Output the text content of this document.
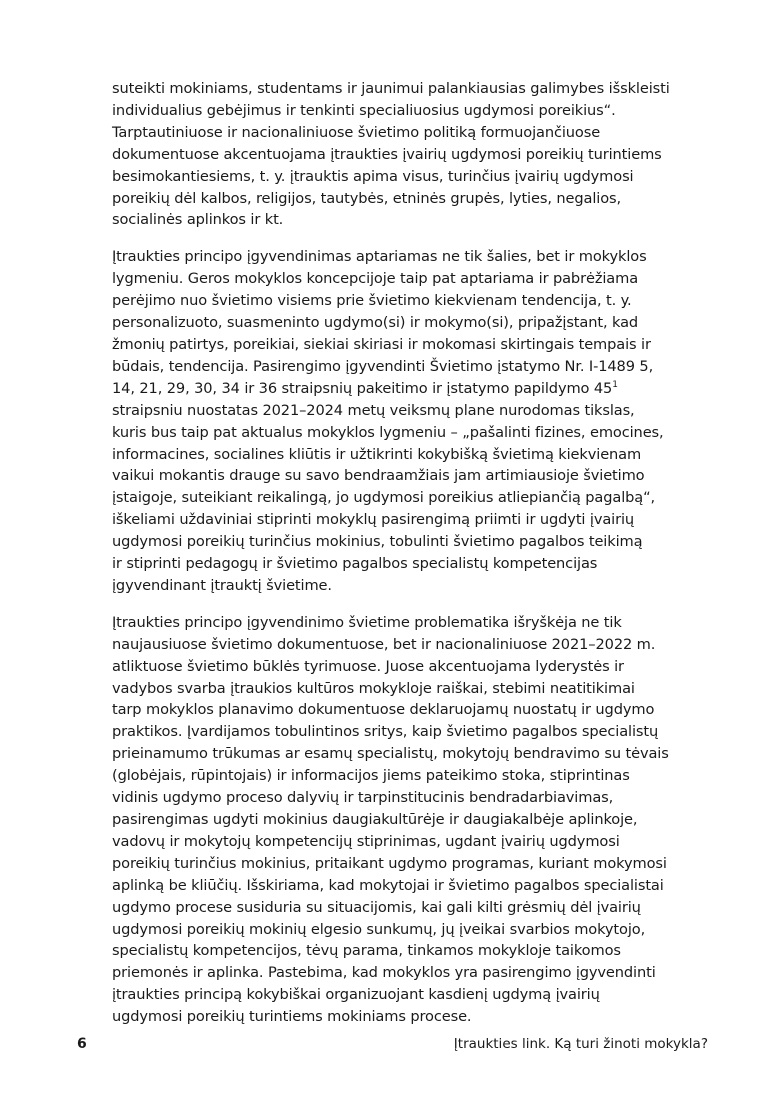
suteikti mokiniams, studentams ir jaunimui palankiausias galimybes išskleisti
individualius gebėjimus ir tenkinti specialiuosius ugdymosi poreikius“.
Tarptautiniuose ir nacionaliniuose švietimo politiką formuojančiuose
dokumentuose akcentuojama įtraukties įvairių ugdymosi poreikių turintiems
besimokantiesiems, t. y. įtrauktis apima visus, turinčius įvairių ugdymosi
poreikių dėl kalbos, religijos, tautybės, etninės grupės, lyties, negalios,
socialinės aplinkos ir kt.

Įtraukties principo įgyvendinimas aptariamas ne tik šalies, bet ir mokyklos
lygmeniu. Geros mokyklos koncepcijoje taip pat aptariama ir pabrėžiama
perėjimo nuo švietimo visiems prie švietimo kiekvienam tendencija, t. y.
personalizuoto, suasmeninto ugdymo(si) ir mokymo(si), pripažįstant, kad
žmonių patirtys, poreikiai, siekiai skiriasi ir mokomasi skirtingais tempais ir
būdais, tendencija. Pasirengimo įgyvendinti Švietimo įstatymo Nr. I-1489 5,
14, 21, 29, 30, 34 ir 36 straipsnių pakeitimo ir įstatymo papildymo $45^1$
straipsniu nuostatas 2021–2024 metų veiksmų plane nurodomas tikslas,
kuris bus taip pat aktualus mokyklos lygmeniu – „pašalinti fizines, emocines,
informacines, socialines kliūtis ir užtikrinti kokybišką švietimą kiekvienam
vaikui mokantis drauge su savo bendraamžiais jam artimiausioje švietimo
įstaigoje, suteikiant reikalingą, jo ugdymosi poreikius atliepiančią pagalbą“,
iškeliami uždaviniai stiprinti mokyklų pasirengimą priimti ir ugdyti įvairių
ugdymosi poreikių turinčius mokinius, tobulinti švietimo pagalbos teikimą
ir stiprinti pedagogų ir švietimo pagalbos specialistų kompetencijas
įgyvendinant įtrauktį švietime.

Įtraukties principo įgyvendinimo švietime problematika išryškėja ne tik
naujausiuose švietimo dokumentuose, bet ir nacionaliniuose 2021–2022 m.
atliktuose švietimo būklės tyrimuose. Juose akcentuojama lyderystės ir
vadybos svarba įtraukios kultūros mokykloje raiškai, stebimi neatitikimai
tarp mokyklos planavimo dokumentuose deklaruojamų nuostatų ir ugdymo
praktikos. Įvardijamos tobulintinos sritys, kaip švietimo pagalbos specialistų
prieinamumo trūkumas ar esamų specialistų, mokytojų bendravimo su tėvais
(globėjais, rūpintojais) ir informacijos jiems pateikimo stoka, stiprintinas
vidinis ugdymo proceso dalyvių ir tarpinstitucinis bendradarbiavimas,
pasirengimas ugdyti mokinius daugiakultūrėje ir daugiakalbėje aplinkoje,
vadovų ir mokytojų kompetencijų stiprinimas, ugdant įvairių ugdymosi
poreikių turinčius mokinius, pritaikant ugdymo programas, kuriant mokymosi
aplinką be kliūčių. Išskiriama, kad mokytojai ir švietimo pagalbos specialistai
ugdymo procese susiduria su situacijomis, kai gali kilti grėsmių dėl įvairių
ugdymosi poreikių mokinių elgesio sunkumų, jų įveikai svarbios mokytojo,
specialistų kompetencijos, tėvų parama, tinkamos mokykloje taikomos
priemonės ir aplinka. Pastebima, kad mokyklos yra pasirengimo įgyvendinti
įtraukties principą kokybiškai organizuojant kasdienį ugdymą įvairių
ugdymosi poreikių turintiems mokiniams procese.

6	Įtraukties link. Ką turi žinoti mokykla?
